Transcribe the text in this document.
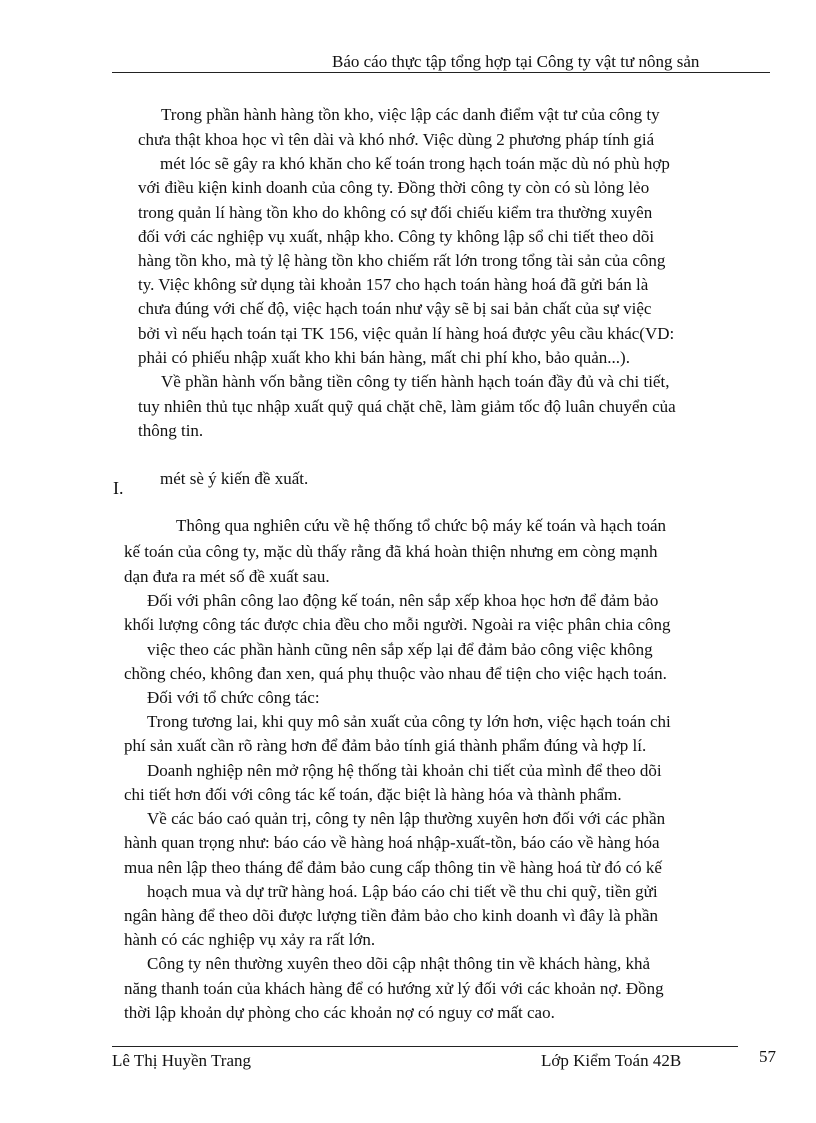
Báo cáo thực tập tổng hợp tại Công ty vật tư nông sản
Trong phần hành hàng tồn kho, việc lập các danh điểm vật tư của công ty
chưa thật khoa học vì tên dài và khó nhớ. Việc dùng 2 phương pháp tính giá
mét lóc sẽ gây ra khó khăn cho kế toán trong hạch toán mặc dù nó phù hợp
với điều kiện kinh doanh của công ty. Đồng thời công ty còn có sù lỏng lẻo
trong quản lí hàng tồn kho do không có sự đối chiếu kiểm tra thường xuyên
đối với các nghiệp vụ xuất, nhập kho. Công ty không lập sổ chi tiết theo dõi
hàng tồn kho, mà tỷ lệ hàng tồn kho chiếm rất lớn trong tổng tài sản của công
ty. Việc không sử dụng tài khoản 157 cho hạch toán hàng hoá đã gửi bán là
chưa đúng với chế độ, việc hạch toán như vậy sẽ bị sai bản chất của sự việc
bởi vì nếu hạch toán tại TK 156, việc quản lí hàng hoá được yêu cầu khác(VD:
phải có phiếu nhập xuất kho khi bán hàng, mất chi phí kho, bảo quản...).
Về phần hành vốn bằng tiền công ty tiến hành hạch toán đầy đủ và chi tiết,
tuy nhiên thủ tục nhập xuất quỹ quá chặt chẽ, làm giảm tốc độ luân chuyển của
thông tin.
I. mét sè ý kiến đề xuất.
Thông qua nghiên cứu về hệ thống tổ chức bộ máy kế toán và hạch toán
kế toán của công ty, mặc dù thấy rằng đã khá hoàn thiện nhưng em còng mạnh
dạn đưa ra mét số đề xuất sau.
Đối với phân công lao động kế toán, nên sắp xếp khoa học hơn để đảm bảo
khối lượng công tác được chia đều cho mỗi người. Ngoài ra việc phân chia công
việc theo các phần hành cũng nên sắp xếp lại để đảm bảo công việc không
chồng chéo, không đan xen, quá phụ thuộc vào nhau để tiện cho việc hạch toán.
Đối với tổ chức công tác:
Trong tương lai, khi quy mô sản xuất của công ty lớn hơn, việc hạch toán chi
phí sản xuất cần rõ ràng hơn để đảm bảo tính giá thành phẩm đúng và hợp lí.
Doanh nghiệp nên mở rộng hệ thống tài khoản chi tiết của mình để theo dõi
chi tiết hơn đối với công tác kế toán, đặc biệt là hàng hóa và thành phẩm.
Về các báo caó quản trị, công ty nên lập thường xuyên hơn đối với các phần
hành quan trọng như: báo cáo về hàng hoá nhập-xuất-tồn, báo cáo về hàng hóa
mua nên lập theo tháng để đảm bảo cung cấp thông tin về hàng hoá từ đó có kế
hoạch mua và dự trữ hàng hoá. Lập báo cáo chi tiết về thu chi quỹ, tiền gửi
ngân hàng để theo dõi được lượng tiền đảm bảo cho kinh doanh vì đây là phần
hành có các nghiệp vụ xảy ra rất lớn.
Công ty nên thường xuyên theo dõi cập nhật thông tin về khách hàng, khả
năng thanh toán của khách hàng để có hướng xử lý đối với các khoản nợ. Đồng
thời lập khoản dự phòng cho các khoản nợ có nguy cơ mất cao.
Lê Thị Huyền Trang	Lớp Kiểm Toán 42B	57
